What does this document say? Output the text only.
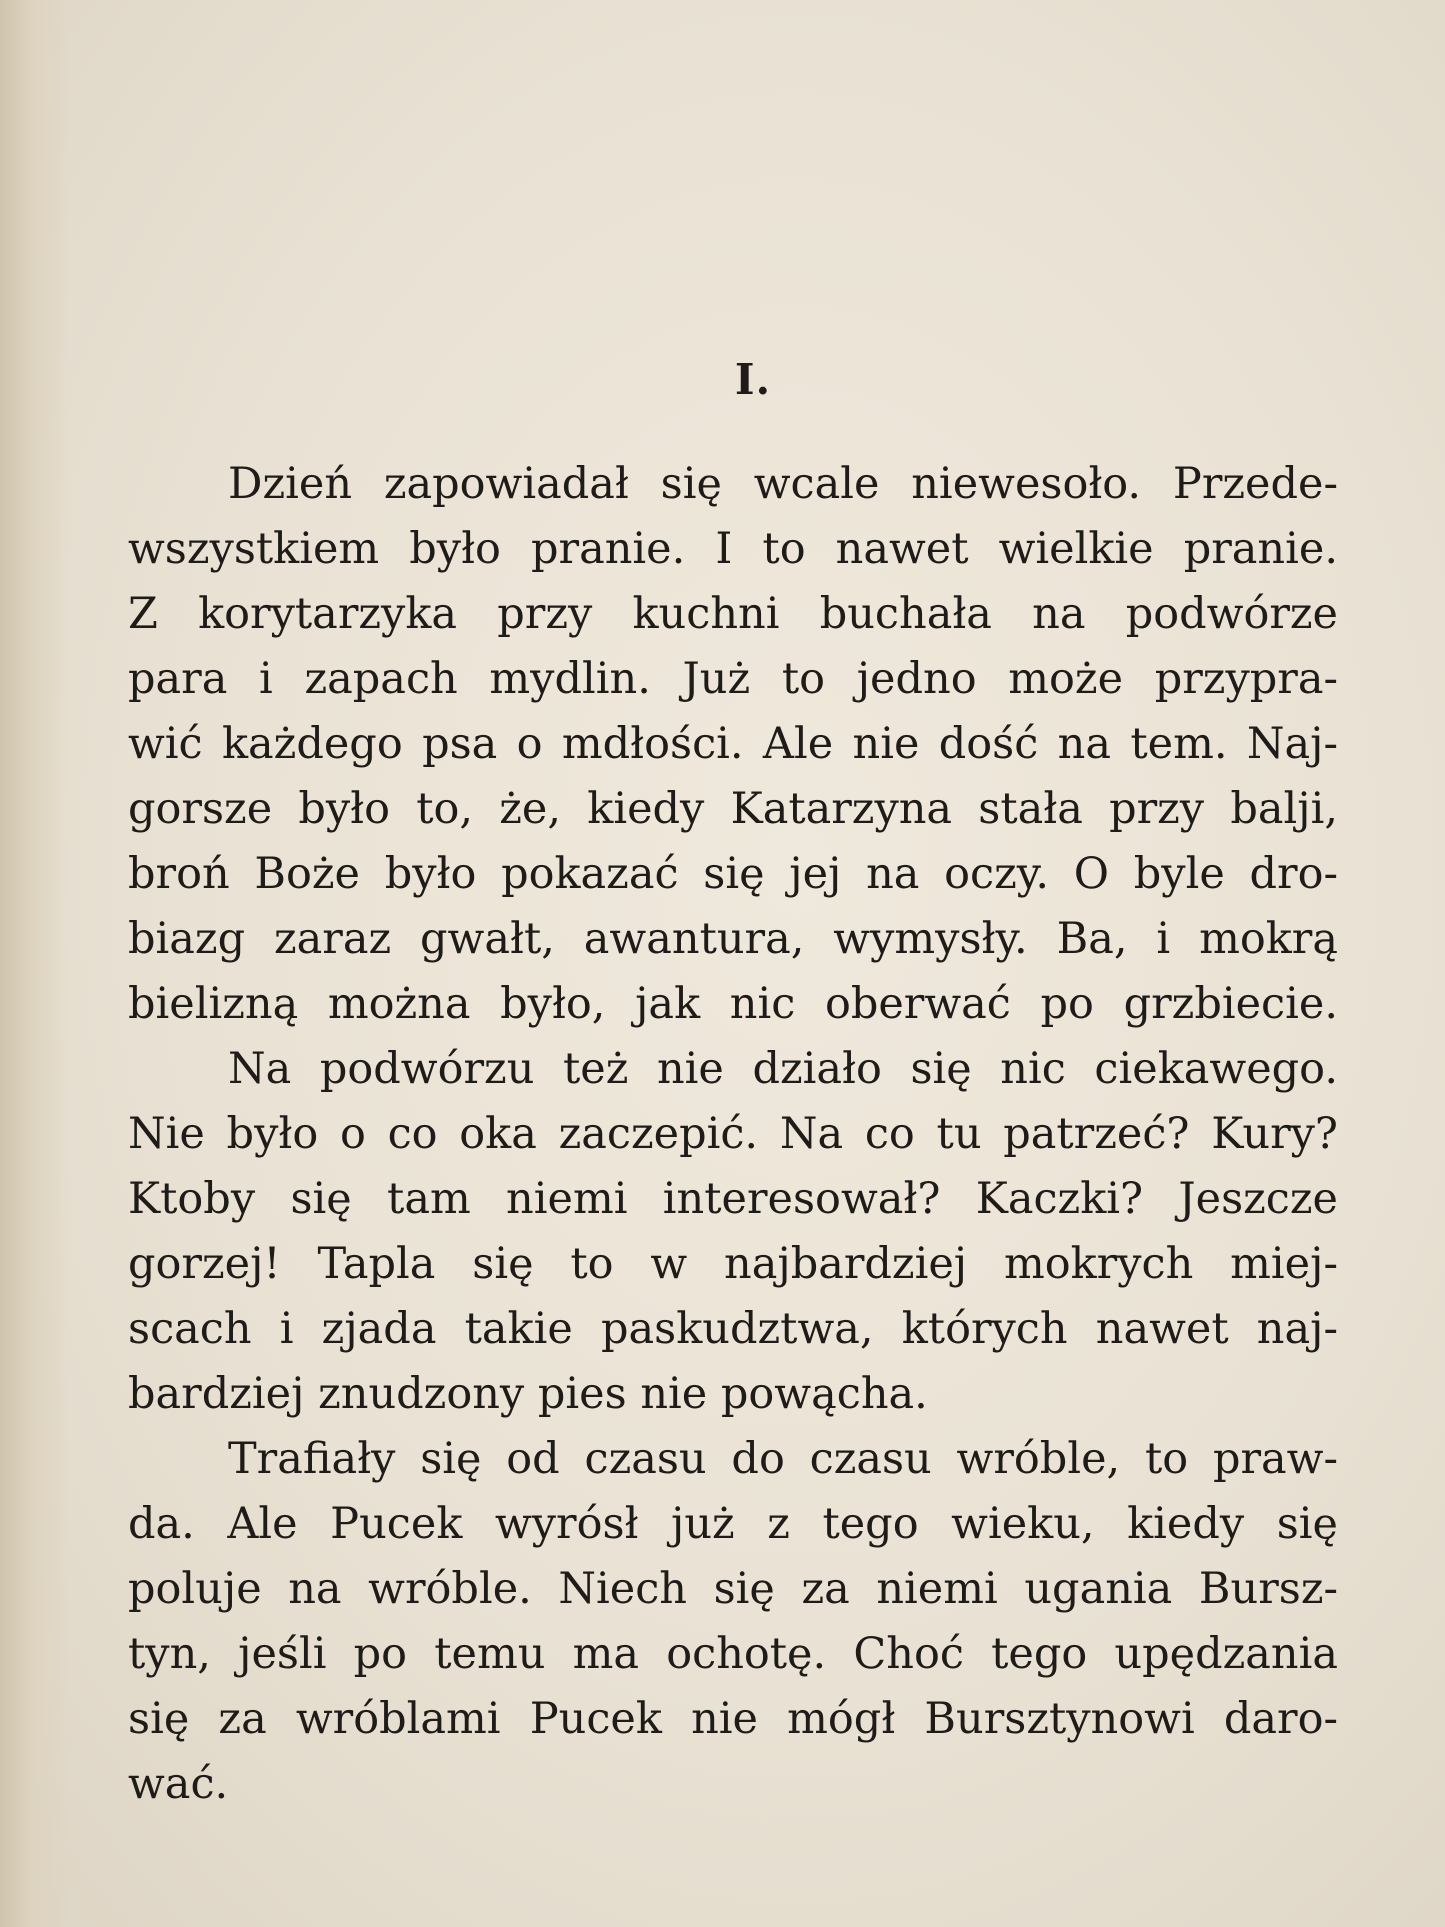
I.
Dzień zapowiadał się wcale niewesoło. Przede-
wszystkiem było pranie. I to nawet wielkie pranie.
Z korytarzyka przy kuchni buchała na podwórze
para i zapach mydlin. Już to jedno może przypra-
wić każdego psa o mdłości. Ale nie dość na tem. Naj-
gorsze było to, że, kiedy Katarzyna stała przy balji,
broń Boże było pokazać się jej na oczy. O byle dro-
biazg zaraz gwałt, awantura, wymysły. Ba, i mokrą
bielizną można było, jak nic oberwać po grzbiecie.
Na podwórzu też nie działo się nic ciekawego.
Nie było o co oka zaczepić. Na co tu patrzeć? Kury?
Ktoby się tam niemi interesował? Kaczki? Jeszcze
gorzej! Tapla się to w najbardziej mokrych miej-
scach i zjada takie paskudztwa, których nawet naj-
bardziej znudzony pies nie powącha.
Trafiały się od czasu do czasu wróble, to praw-
da. Ale Pucek wyrósł już z tego wieku, kiedy się
poluje na wróble. Niech się za niemi ugania Bursz-
tyn, jeśli po temu ma ochotę. Choć tego upędzania
się za wróblami Pucek nie mógł Bursztynowi daro-
wać.
